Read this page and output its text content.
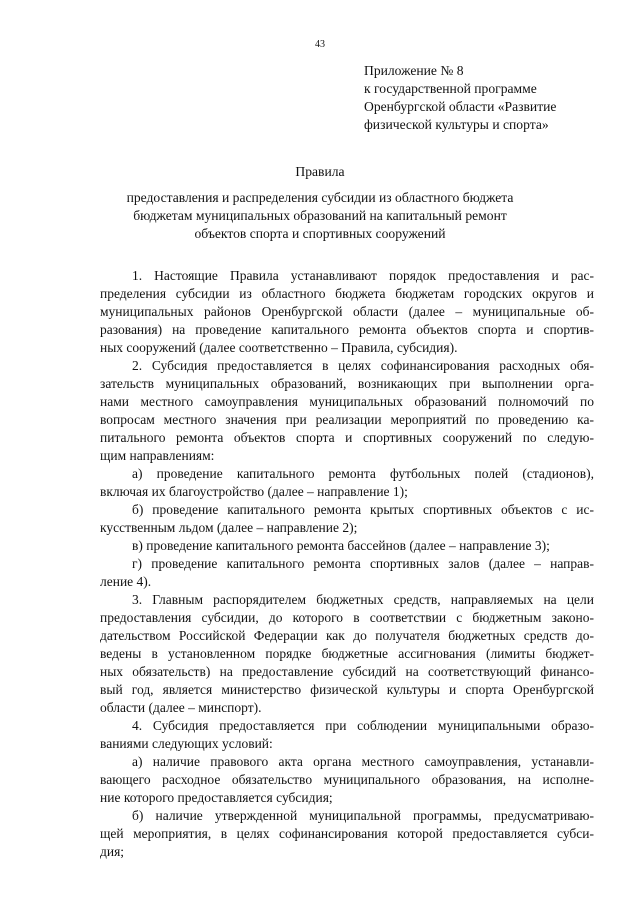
43
Приложение № 8
к государственной программе
Оренбургской области «Развитие
физической культуры и спорта»
Правила
предоставления и распределения субсидии из областного бюджета
бюджетам муниципальных образований на капитальный ремонт
объектов спорта и спортивных сооружений
1. Настоящие Правила устанавливают порядок предоставления и рас-
пределения субсидии из областного бюджета бюджетам городских округов и
муниципальных районов Оренбургской области (далее – муниципальные об-
разования) на проведение капитального ремонта объектов спорта и спортив-
ных сооружений (далее соответственно – Правила, субсидия).
2. Субсидия предоставляется в целях софинансирования расходных обя-
зательств муниципальных образований, возникающих при выполнении орга-
нами местного самоуправления муниципальных образований полномочий по
вопросам местного значения при реализации мероприятий по проведению ка-
питального ремонта объектов спорта и спортивных сооружений по следую-
щим направлениям:
а) проведение капитального ремонта футбольных полей (стадионов),
включая их благоустройство (далее – направление 1);
б) проведение капитального ремонта крытых спортивных объектов с ис-
кусственным льдом (далее – направление 2);
в) проведение капитального ремонта бассейнов (далее – направление 3);
г) проведение капитального ремонта спортивных залов (далее – направ-
ление 4).
3. Главным распорядителем бюджетных средств, направляемых на цели
предоставления субсидии, до которого в соответствии с бюджетным законо-
дательством Российской Федерации как до получателя бюджетных средств до-
ведены в установленном порядке бюджетные ассигнования (лимиты бюджет-
ных обязательств) на предоставление субсидий на соответствующий финансо-
вый год, является министерство физической культуры и спорта Оренбургской
области (далее – минспорт).
4. Субсидия предоставляется при соблюдении муниципальными образо-
ваниями следующих условий:
а) наличие правового акта органа местного самоуправления, устанавли-
вающего расходное обязательство муниципального образования, на исполне-
ние которого предоставляется субсидия;
б) наличие утвержденной муниципальной программы, предусматриваю-
щей мероприятия, в целях софинансирования которой предоставляется субси-
дия;
